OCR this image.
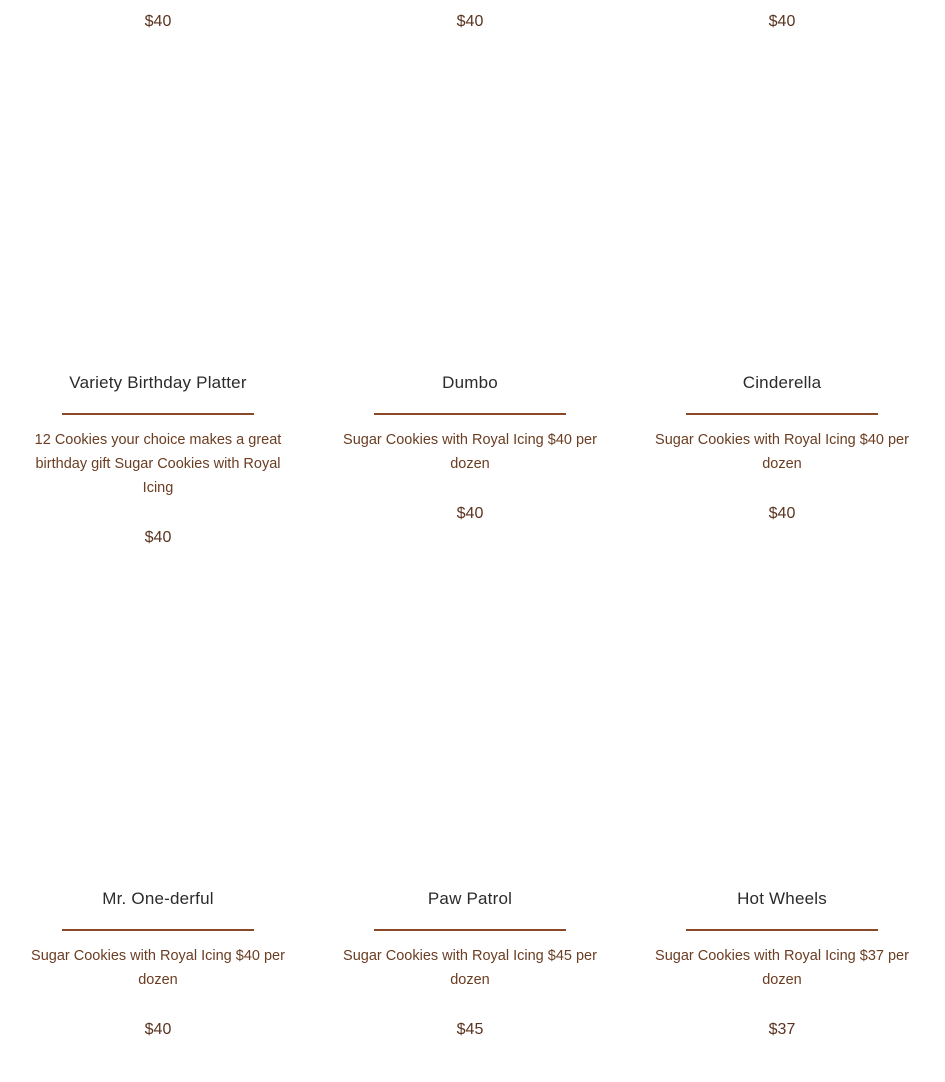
$40	$40	$40
Variety Birthday Platter
12 Cookies your choice makes a great birthday gift Sugar Cookies with Royal Icing
$40
Dumbo
Sugar Cookies with Royal Icing $40 per dozen
$40
Cinderella
Sugar Cookies with Royal Icing $40 per dozen
$40
Mr. One-derful
Sugar Cookies with Royal Icing $40 per dozen
$40
Paw Patrol
Sugar Cookies with Royal Icing $45 per dozen
$45
Hot Wheels
Sugar Cookies with Royal Icing $37 per dozen
$37
